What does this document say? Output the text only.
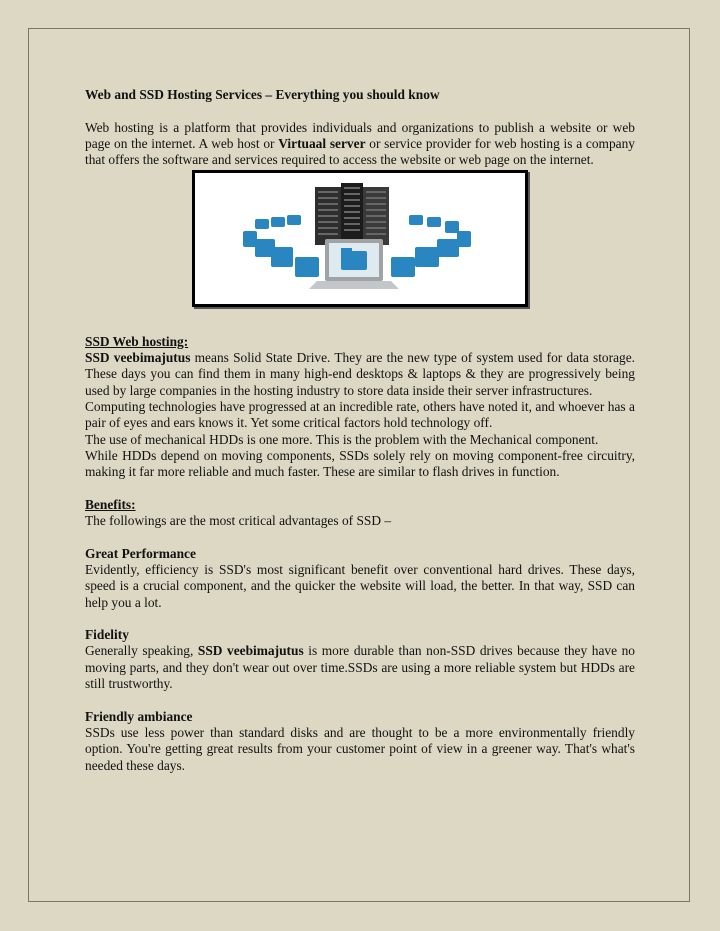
Web and SSD Hosting Services – Everything you should know

Web hosting is a platform that provides individuals and organizations to publish a website or web page on the internet. A web host or Virtuaal server or service provider for web hosting is a company that offers the software and services required to access the website or web page on the internet.

SSD Web hosting:

SSD veebimajutus means Solid State Drive. They are the new type of system used for data storage. These days you can find them in many high-end desktops & laptops & they are progressively being used by large companies in the hosting industry to store data inside their server infrastructures.

Computing technologies have progressed at an incredible rate, others have noted it, and whoever has a pair of eyes and ears knows it. Yet some critical factors hold technology off.

The use of mechanical HDDs is one more. This is the problem with the Mechanical component.

While HDDs depend on moving components, SSDs solely rely on moving component-free circuitry, making it far more reliable and much faster. These are similar to flash drives in function.

Benefits:

The followings are the most critical advantages of SSD –

Great Performance

Evidently, efficiency is SSD's most significant benefit over conventional hard drives. These days, speed is a crucial component, and the quicker the website will load, the better. In that way, SSD can help you a lot.

Fidelity

Generally speaking, SSD veebimajutus is more durable than non-SSD drives because they have no moving parts, and they don't wear out over time.SSDs are using a more reliable system but HDDs are still trustworthy.

Friendly ambiance

SSDs use less power than standard disks and are thought to be a more environmentally friendly option. You're getting great results from your customer point of view in a greener way. That's what's needed these days.
